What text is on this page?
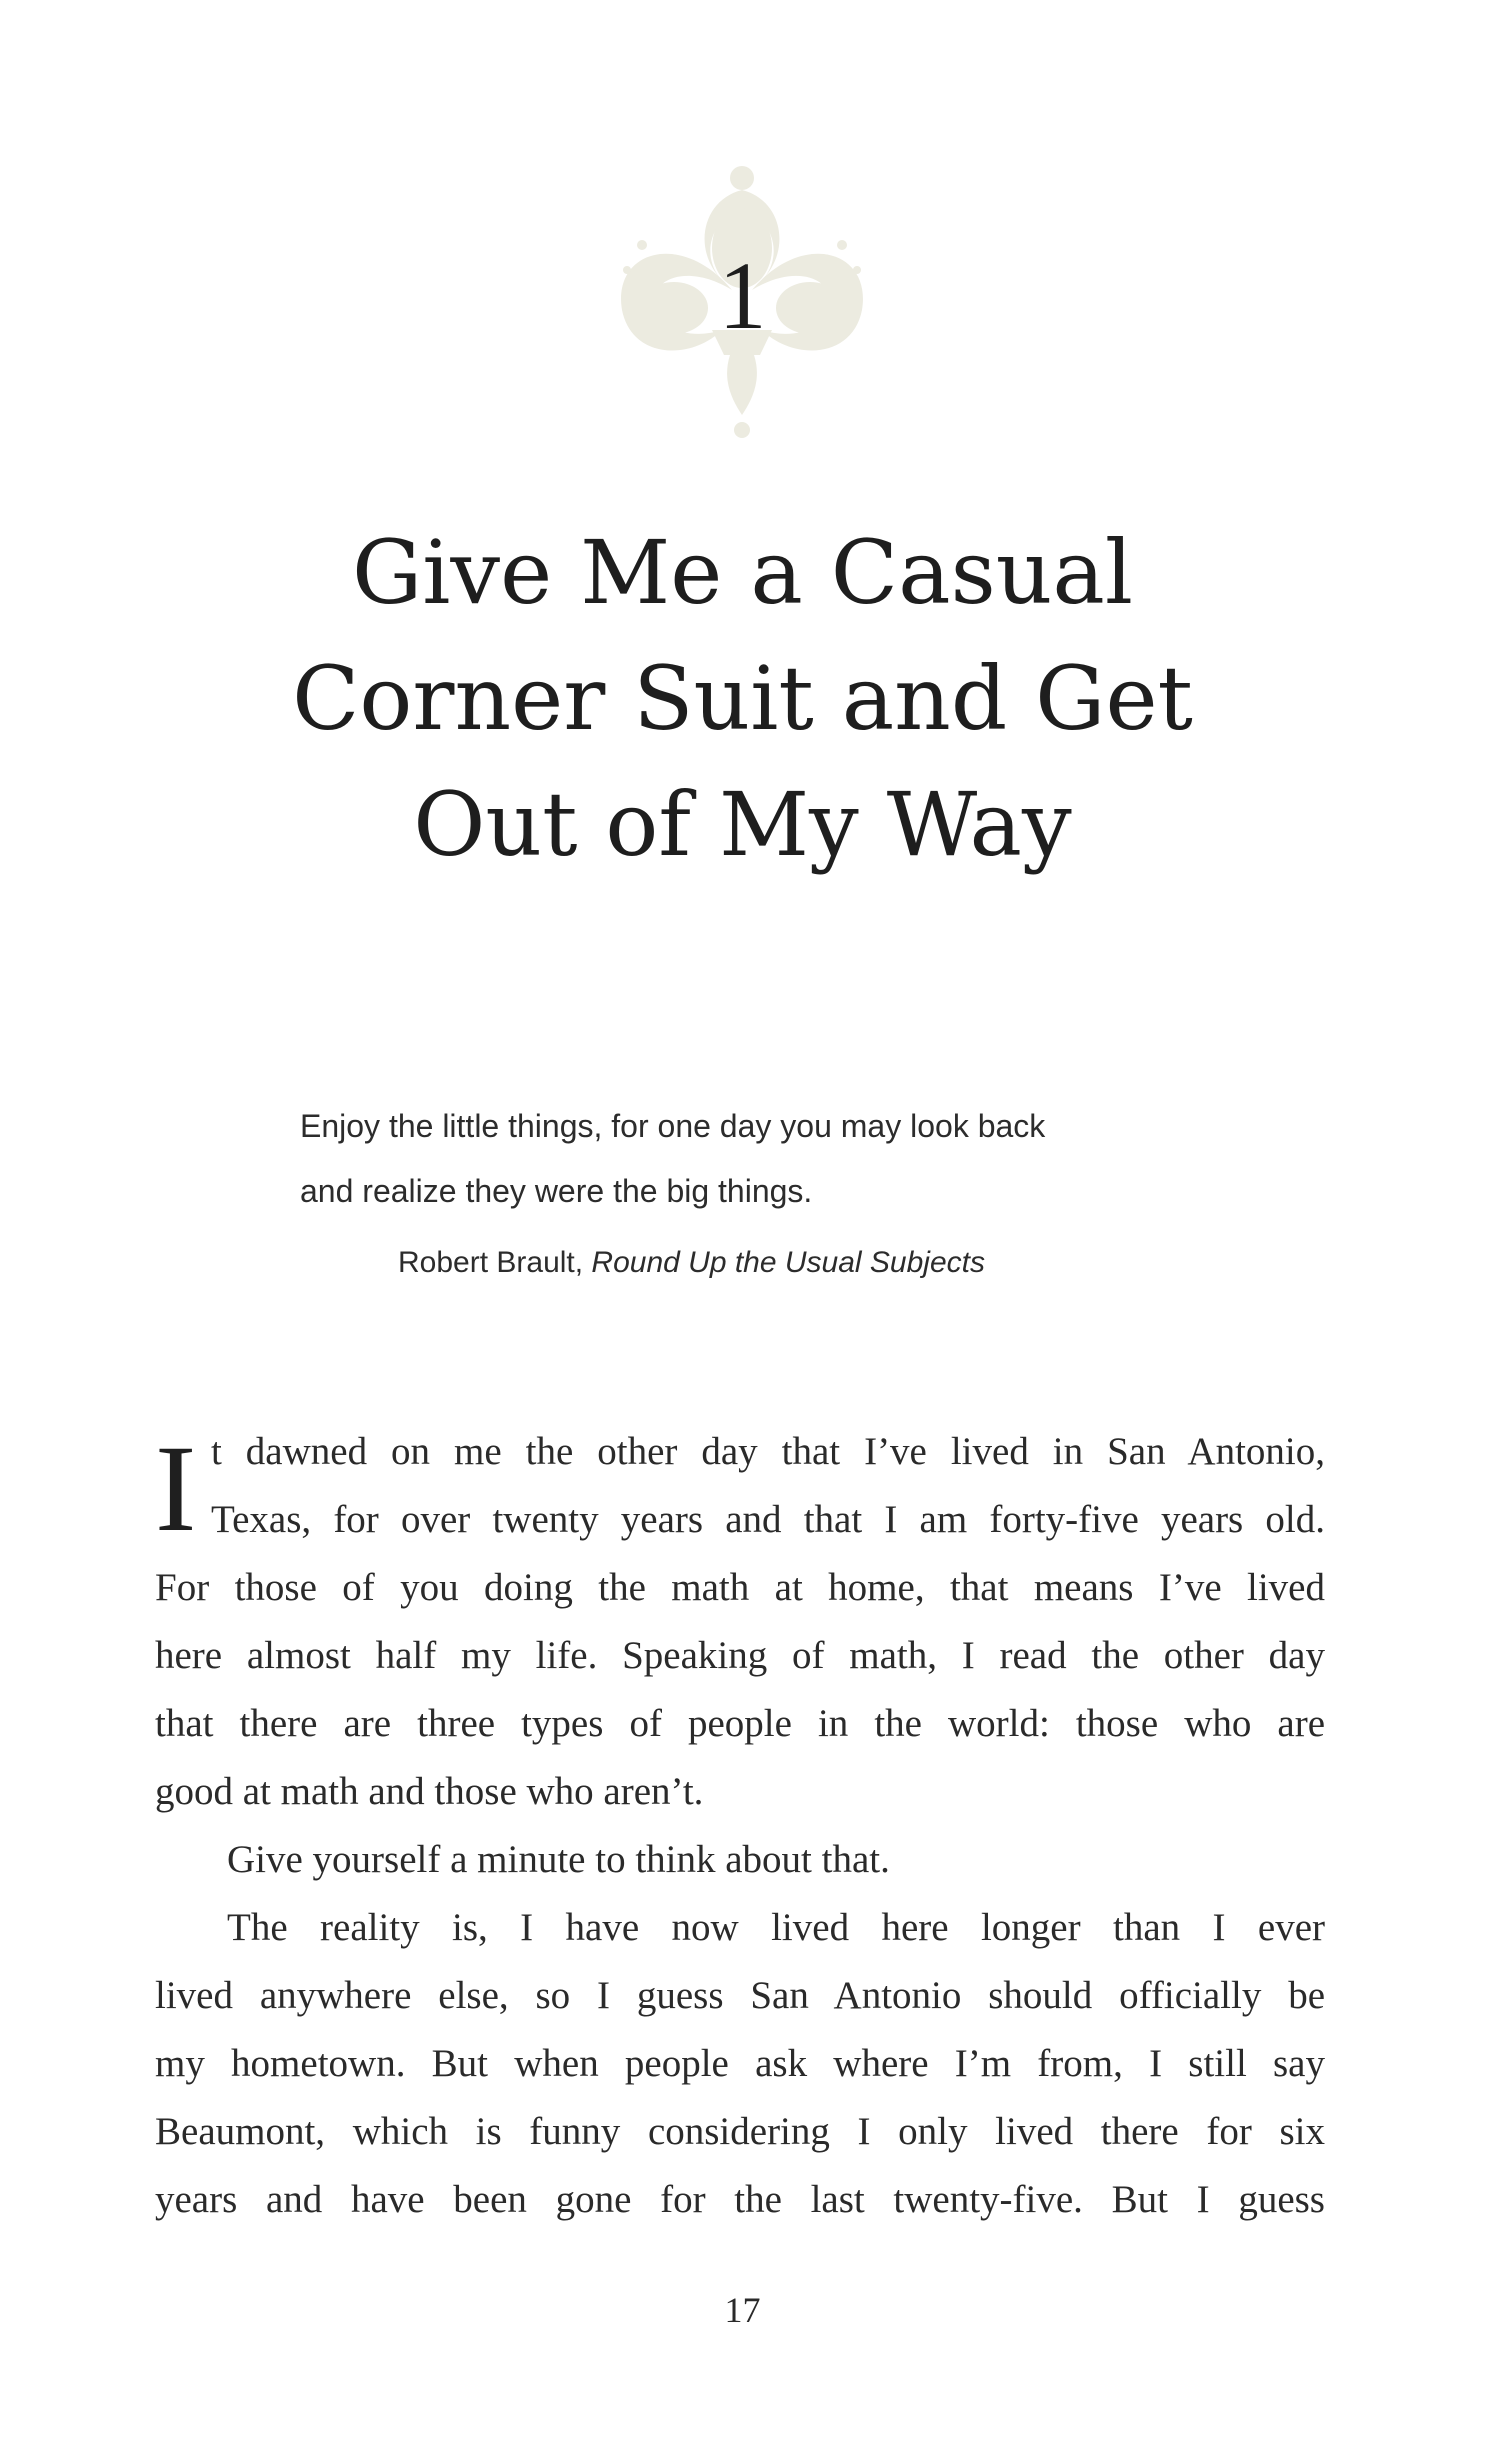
1
Give Me a Casual
Corner Suit and Get
Out of My Way
Enjoy the little things, for one day you may look back
and realize they were the big things.
Robert Brault, Round Up the Usual Subjects
I t dawned on me the other day that I’ve lived in San Antonio,
Texas, for over twenty years and that I am forty-five years old.
For those of you doing the math at home, that means I’ve lived
here almost half my life. Speaking of math, I read the other day
that there are three types of people in the world: those who are
good at math and those who aren’t.
Give yourself a minute to think about that.
The reality is, I have now lived here longer than I ever
lived anywhere else, so I guess San Antonio should officially be
my hometown. But when people ask where I’m from, I still say
Beaumont, which is funny considering I only lived there for six
years and have been gone for the last twenty-five. But I guess
17
